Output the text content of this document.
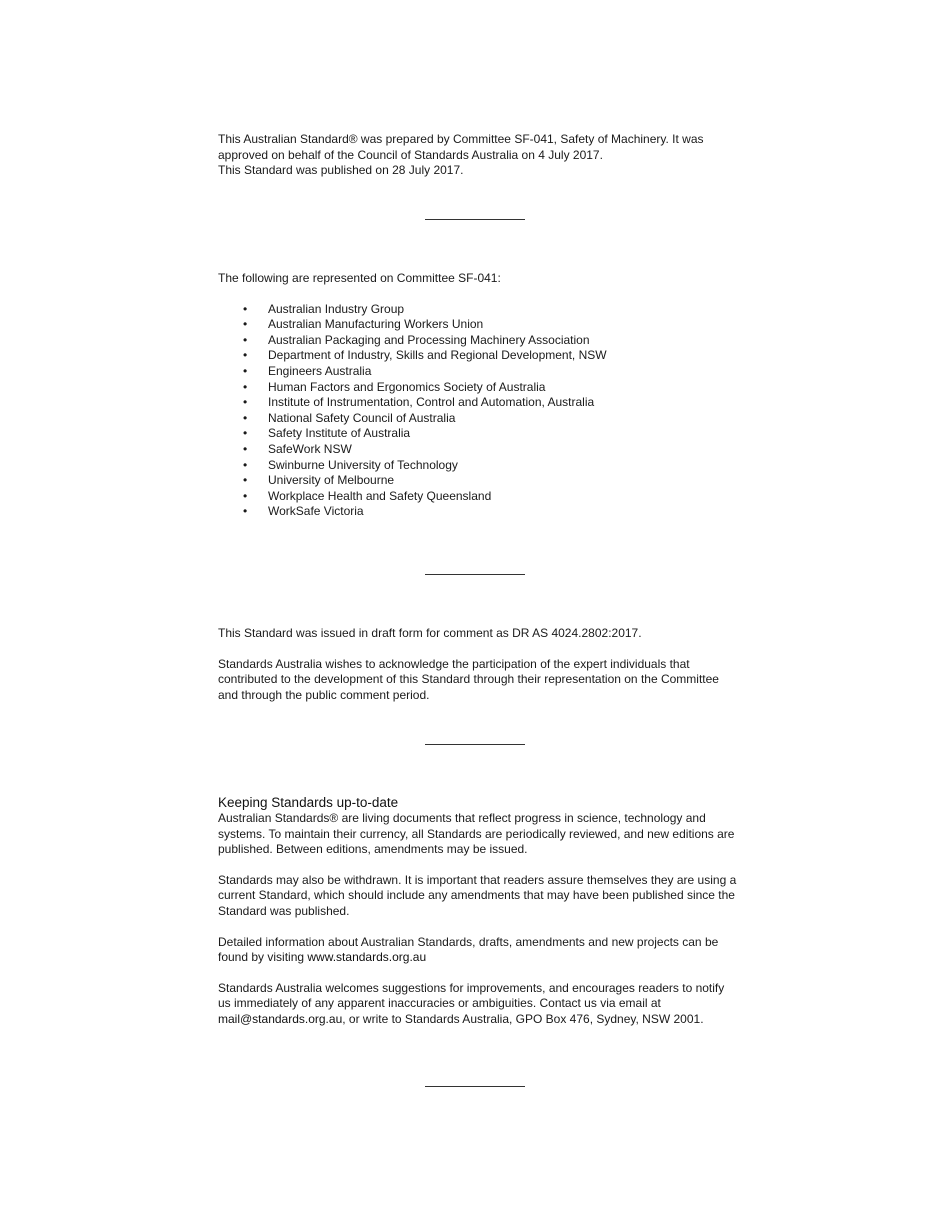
This Australian Standard® was prepared by Committee SF-041, Safety of Machinery. It was approved on behalf of the Council of Standards Australia on 4 July 2017.

This Standard was published on 28 July 2017.

The following are represented on Committee SF-041:

• Australian Industry Group
• Australian Manufacturing Workers Union
• Australian Packaging and Processing Machinery Association
• Department of Industry, Skills and Regional Development, NSW
• Engineers Australia
• Human Factors and Ergonomics Society of Australia
• Institute of Instrumentation, Control and Automation, Australia
• National Safety Council of Australia
• Safety Institute of Australia
• SafeWork NSW
• Swinburne University of Technology
• University of Melbourne
• Workplace Health and Safety Queensland
• WorkSafe Victoria

This Standard was issued in draft form for comment as DR AS 4024.2802:2017.

Standards Australia wishes to acknowledge the participation of the expert individuals that contributed to the development of this Standard through their representation on the Committee and through the public comment period.

Keeping Standards up-to-date

Australian Standards® are living documents that reflect progress in science, technology and systems. To maintain their currency, all Standards are periodically reviewed, and new editions are published. Between editions, amendments may be issued.

Standards may also be withdrawn. It is important that readers assure themselves they are using a current Standard, which should include any amendments that may have been published since the Standard was published.

Detailed information about Australian Standards, drafts, amendments and new projects can be found by visiting www.standards.org.au

Standards Australia welcomes suggestions for improvements, and encourages readers to notify us immediately of any apparent inaccuracies or ambiguities. Contact us via email at mail@standards.org.au, or write to Standards Australia, GPO Box 476, Sydney, NSW 2001.
